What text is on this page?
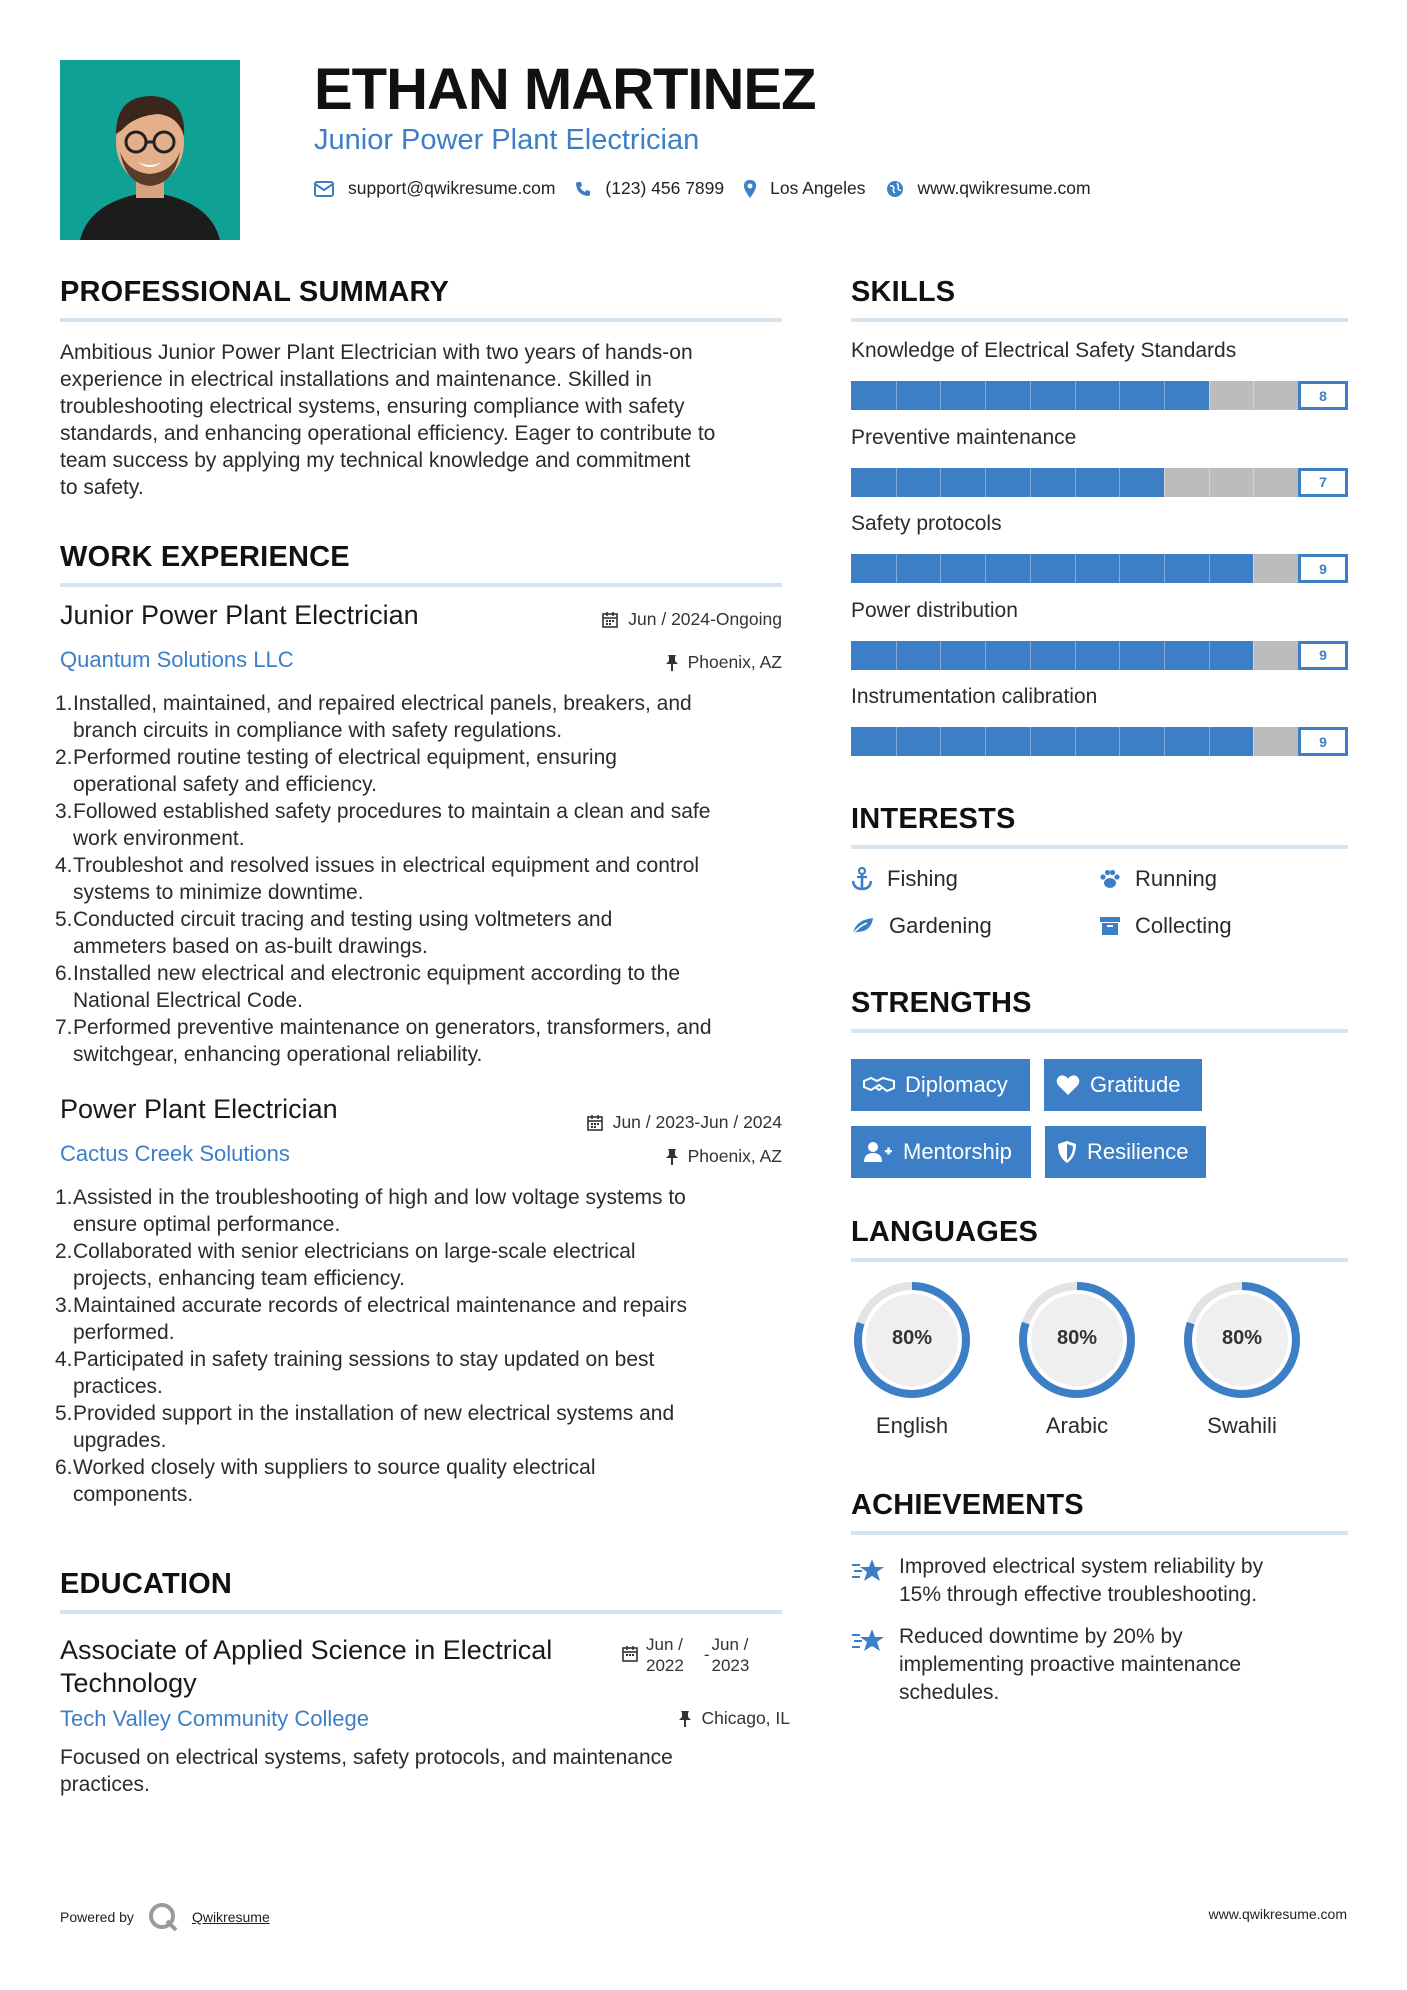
ETHAN MARTINEZ
Junior Power Plant Electrician
support@qwikresume.com	(123) 456 7899	Los Angeles	www.qwikresume.com
PROFESSIONAL SUMMARY
Ambitious Junior Power Plant Electrician with two years of hands-on
experience in electrical installations and maintenance. Skilled in
troubleshooting electrical systems, ensuring compliance with safety
standards, and enhancing operational efficiency. Eager to contribute to
team success by applying my technical knowledge and commitment
to safety.
WORK EXPERIENCE
Junior Power Plant Electrician	Jun / 2024-Ongoing
Quantum Solutions LLC	Phoenix, AZ
1. Installed, maintained, and repaired electrical panels, breakers, and
branch circuits in compliance with safety regulations.
2. Performed routine testing of electrical equipment, ensuring
operational safety and efficiency.
3. Followed established safety procedures to maintain a clean and safe
work environment.
4. Troubleshot and resolved issues in electrical equipment and control
systems to minimize downtime.
5. Conducted circuit tracing and testing using voltmeters and
ammeters based on as-built drawings.
6. Installed new electrical and electronic equipment according to the
National Electrical Code.
7. Performed preventive maintenance on generators, transformers, and
switchgear, enhancing operational reliability.
Power Plant Electrician	Jun / 2023-Jun / 2024
Cactus Creek Solutions	Phoenix, AZ
1. Assisted in the troubleshooting of high and low voltage systems to
ensure optimal performance.
2. Collaborated with senior electricians on large-scale electrical
projects, enhancing team efficiency.
3. Maintained accurate records of electrical maintenance and repairs
performed.
4. Participated in safety training sessions to stay updated on best
practices.
5. Provided support in the installation of new electrical systems and
upgrades.
6. Worked closely with suppliers to source quality electrical
components.
EDUCATION
Associate of Applied Science in Electrical
Technology
Jun /
2022
-
Jun /
2023
Tech Valley Community College	Chicago, IL
Focused on electrical systems, safety protocols, and maintenance
practices.
SKILLS
Knowledge of Electrical Safety Standards
8
Preventive maintenance
7
Safety protocols
9
Power distribution
9
Instrumentation calibration
9
INTERESTS
Fishing	Running
Gardening	Collecting
STRENGTHS
Diplomacy	Gratitude
Mentorship	Resilience
LANGUAGES
80%
English
80%
Arabic
80%
Swahili
ACHIEVEMENTS
Improved electrical system reliability by
15% through effective troubleshooting.
Reduced downtime by 20% by
implementing proactive maintenance
schedules.
Powered by	Qwikresume	www.qwikresume.com
